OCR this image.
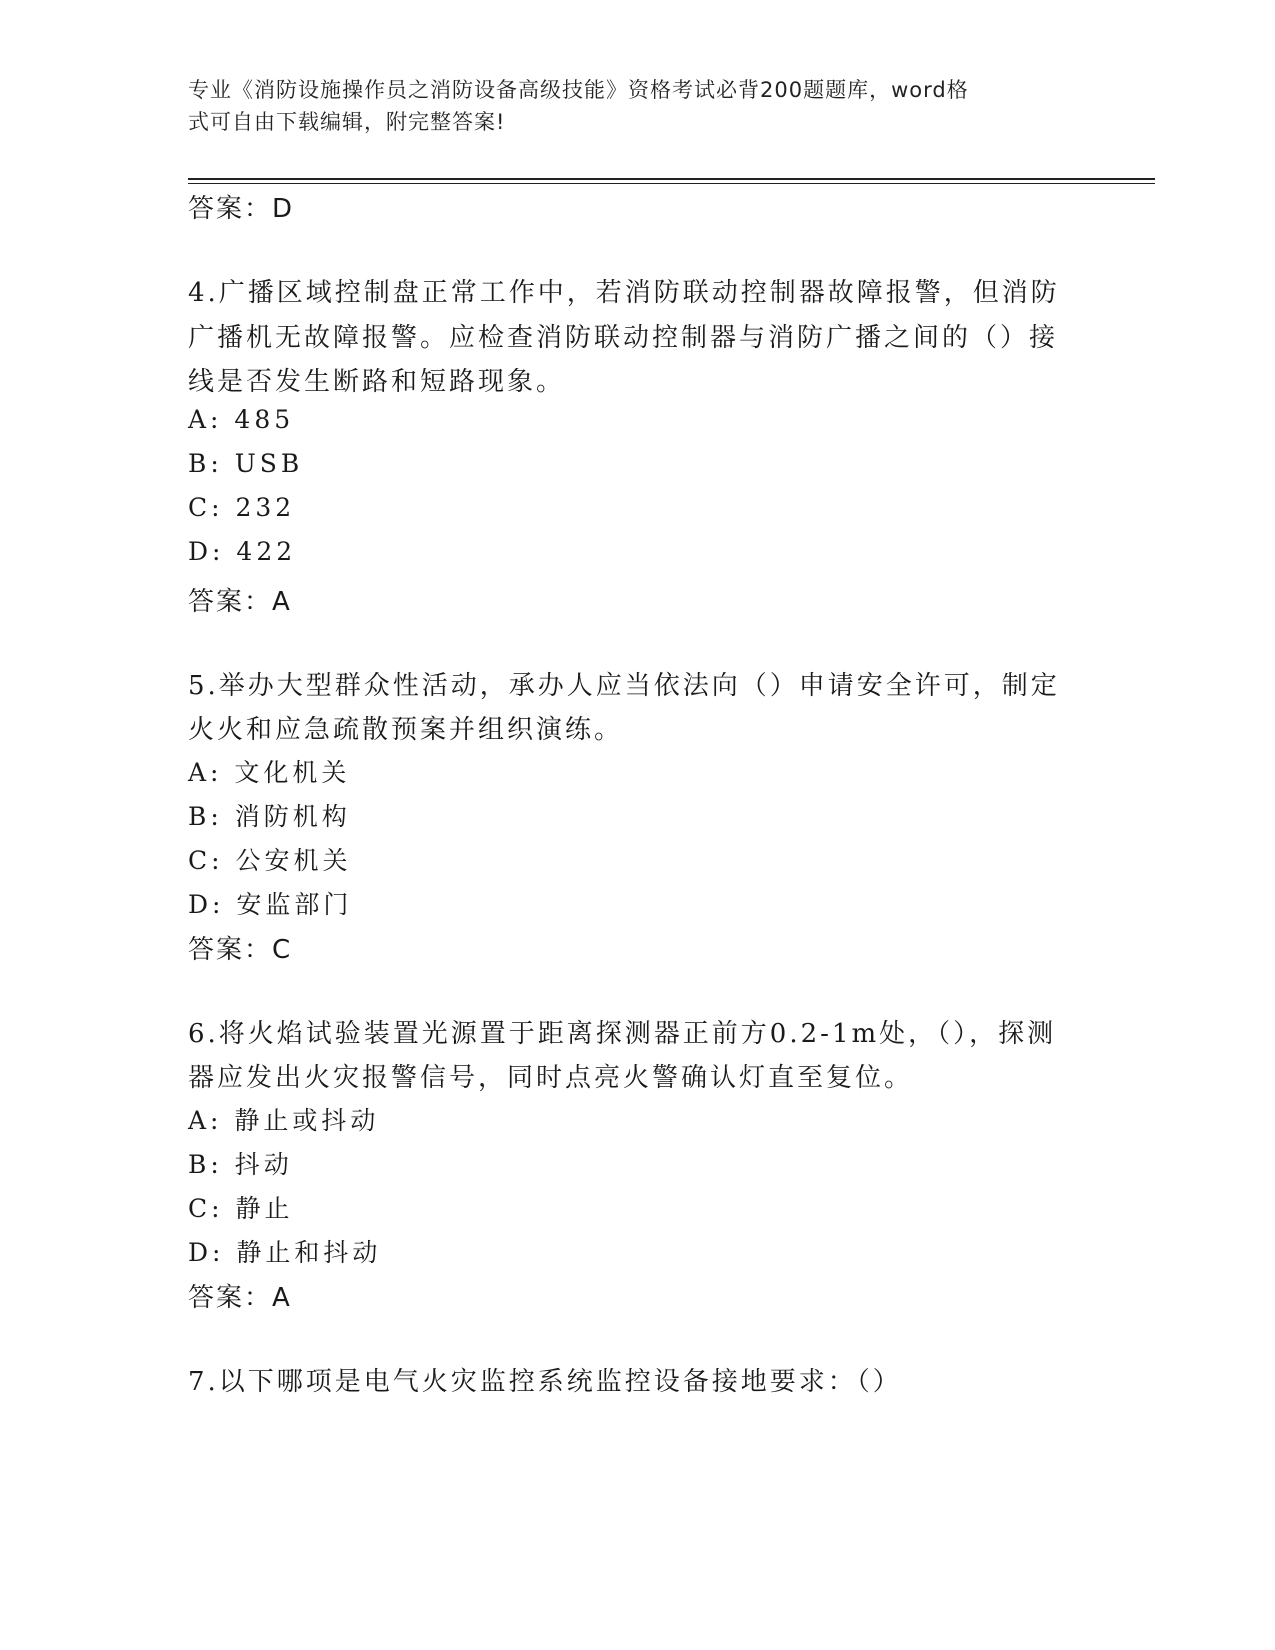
专业《消防设施操作员之消防设备高级技能》资格考试必背200题题库，word格
式可自由下载编辑，附完整答案!
答案：D
4.广播区域控制盘正常工作中，若消防联动控制器故障报警，但消防
广播机无故障报警。应检查消防联动控制器与消防广播之间的（）接
线是否发生断路和短路现象。
A: 485
B: USB
C: 232
D: 422
答案：A
5.举办大型群众性活动，承办人应当依法向（）申请安全许可，制定
火火和应急疏散预案并组织演练。
A: 文化机关
B: 消防机构
C: 公安机关
D: 安监部门
答案：C
6.将火焰试验装置光源置于距离探测器正前方0.2-1m处，（），探测
器应发出火灾报警信号，同时点亮火警确认灯直至复位。
A: 静止或抖动
B: 抖动
C: 静止
D: 静止和抖动
答案：A
7.以下哪项是电气火灾监控系统监控设备接地要求：（）
